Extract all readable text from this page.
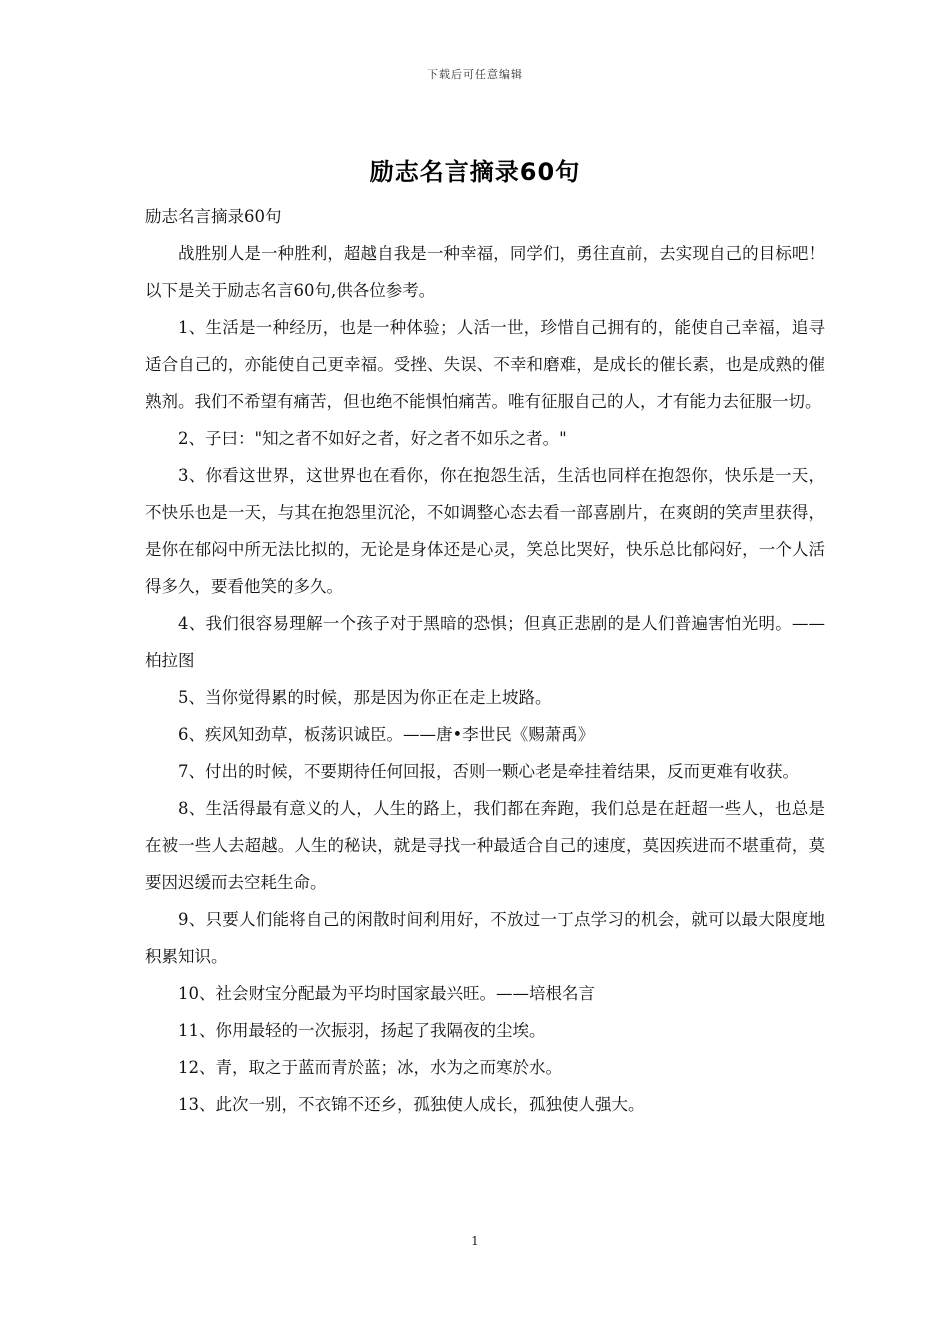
下载后可任意编辑
励志名言摘录60句

励志名言摘录60句

战胜别人是一种胜利，超越自我是一种幸福，同学们，勇往直前，去实现自己的目标吧！以下是关于励志名言60句,供各位参考。

1、生活是一种经历，也是一种体验；人活一世，珍惜自己拥有的，能使自己幸福，追寻适合自己的，亦能使自己更幸福。受挫、失误、不幸和磨难，是成长的催长素，也是成熟的催熟剂。我们不希望有痛苦，但也绝不能惧怕痛苦。唯有征服自己的人，才有能力去征服一切。

2、子曰："知之者不如好之者，好之者不如乐之者。"

3、你看这世界，这世界也在看你，你在抱怨生活，生活也同样在抱怨你，快乐是一天，不快乐也是一天，与其在抱怨里沉沦，不如调整心态去看一部喜剧片，在爽朗的笑声里获得，是你在郁闷中所无法比拟的，无论是身体还是心灵，笑总比哭好，快乐总比郁闷好，一个人活得多久，要看他笑的多久。

4、我们很容易理解一个孩子对于黑暗的恐惧；但真正悲剧的是人们普遍害怕光明。——柏拉图

5、当你觉得累的时候，那是因为你正在走上坡路。

6、疾风知劲草，板荡识诚臣。——唐•李世民《赐萧禹》

7、付出的时候，不要期待任何回报，否则一颗心老是牵挂着结果，反而更难有收获。

8、生活得最有意义的人，人生的路上，我们都在奔跑，我们总是在赶超一些人，也总是在被一些人去超越。人生的秘诀，就是寻找一种最适合自己的速度，莫因疾进而不堪重荷，莫要因迟缓而去空耗生命。

9、只要人们能将自己的闲散时间利用好，不放过一丁点学习的机会，就可以最大限度地积累知识。

10、社会财宝分配最为平均时国家最兴旺。——培根名言

11、你用最轻的一次振羽，扬起了我隔夜的尘埃。

12、青，取之于蓝而青於蓝；冰，水为之而寒於水。

13、此次一别，不衣锦不还乡，孤独使人成长，孤独使人强大。

1
